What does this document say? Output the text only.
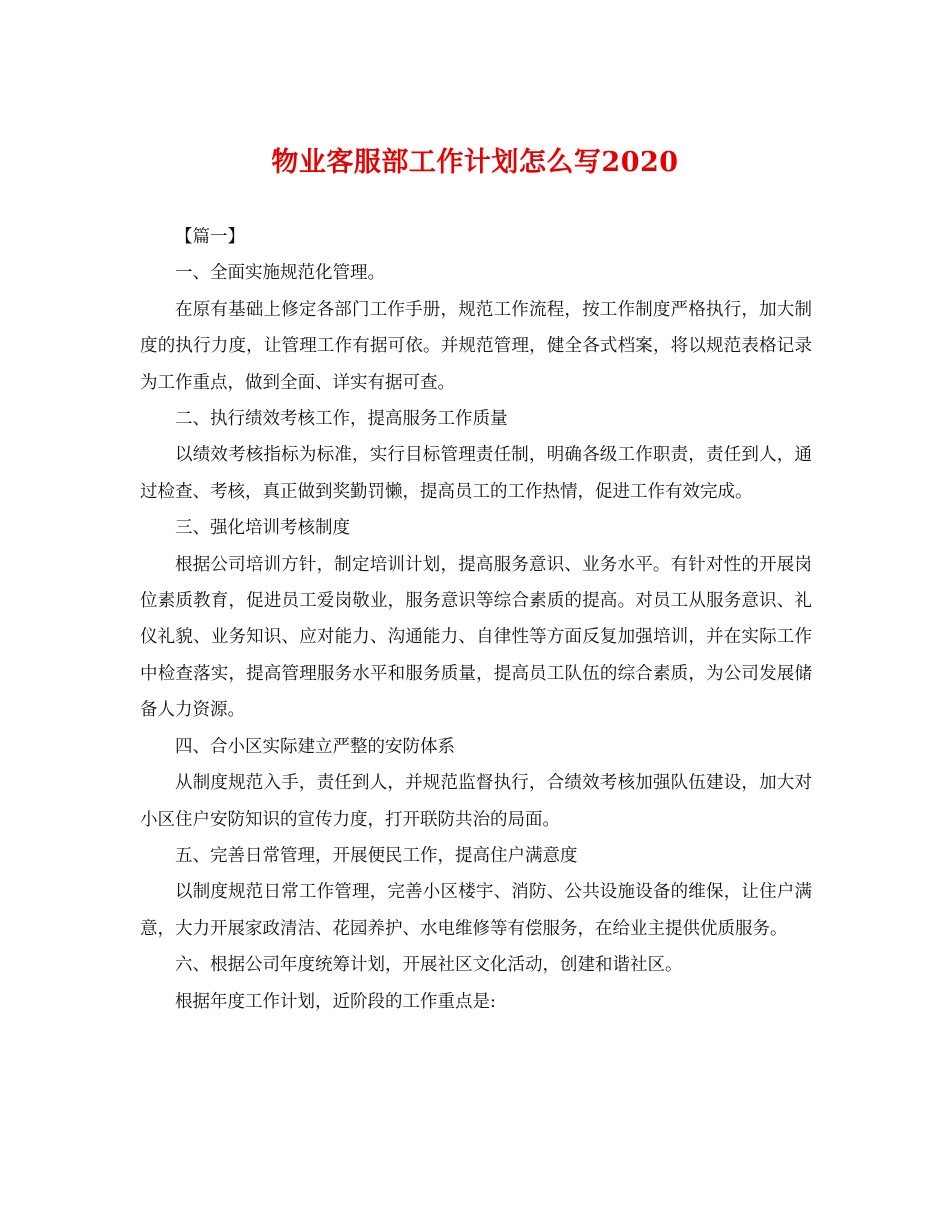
物业客服部工作计划怎么写2020

【篇一】

一、全面实施规范化管理。

在原有基础上修定各部门工作手册，规范工作流程，按工作制度严格执行，加大制度的执行力度，让管理工作有据可依。并规范管理，健全各式档案，将以规范表格记录为工作重点，做到全面、详实有据可查。

二、执行绩效考核工作，提高服务工作质量

以绩效考核指标为标准，实行目标管理责任制，明确各级工作职责，责任到人，通过检查、考核，真正做到奖勤罚懒，提高员工的工作热情，促进工作有效完成。

三、强化培训考核制度

根据公司培训方针，制定培训计划，提高服务意识、业务水平。有针对性的开展岗位素质教育，促进员工爱岗敬业，服务意识等综合素质的提高。对员工从服务意识、礼仪礼貌、业务知识、应对能力、沟通能力、自律性等方面反复加强培训，并在实际工作中检查落实，提高管理服务水平和服务质量，提高员工队伍的综合素质，为公司发展储备人力资源。

四、合小区实际建立严整的安防体系

从制度规范入手，责任到人，并规范监督执行，合绩效考核加强队伍建设，加大对小区住户安防知识的宣传力度，打开联防共治的局面。

五、完善日常管理，开展便民工作，提高住户满意度

以制度规范日常工作管理，完善小区楼宇、消防、公共设施设备的维保，让住户满意，大力开展家政清洁、花园养护、水电维修等有偿服务，在给业主提供优质服务。

六、根据公司年度统筹计划，开展社区文化活动，创建和谐社区。

根据年度工作计划，近阶段的工作重点是:
